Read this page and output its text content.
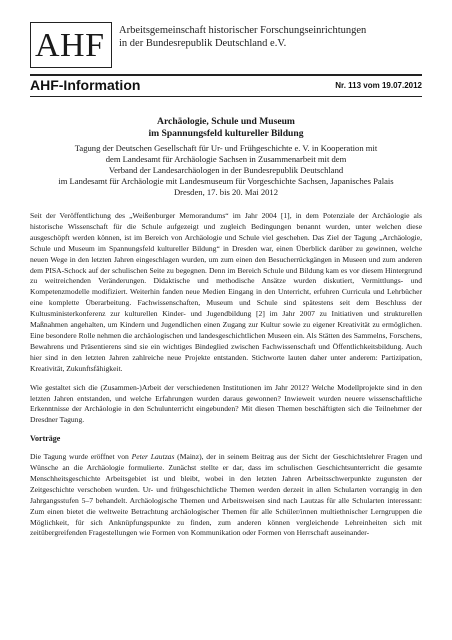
AHF Arbeitsgemeinschaft historischer Forschungseinrichtungen
in der Bundesrepublik Deutschland e.V.
AHF-Information	Nr. 113 vom 19.07.2012
Archäologie, Schule und Museum
im Spannungsfeld kultureller Bildung
Tagung der Deutschen Gesellschaft für Ur- und Frühgeschichte e. V. in Kooperation mit
dem Landesamt für Archäologie Sachsen in Zusammenarbeit mit dem
Verband der Landesarchäologen in der Bundesrepublik Deutschland
im Landesamt für Archäologie mit Landesmuseum für Vorgeschichte Sachsen, Japanisches Palais
Dresden, 17. bis 20. Mai 2012

Seit der Veröffentlichung des „Weißenburger Memorandums“ im Jahr 2004 [1], in dem Potenziale der Archäologie als historische Wissenschaft für die Schule aufgezeigt und zugleich Bedingungen benannt wurden, unter welchen diese ausgeschöpft werden können, ist im Bereich von Archäologie und Schule viel geschehen. Das Ziel der Tagung „Archäologie, Schule und Museum im Spannungsfeld kultureller Bildung“ in Dresden war, einen Überblick darüber zu gewinnen, welche neuen Wege in den letzten Jahren eingeschlagen wurden, um zum einen den Besucherrückgängen in Museen und zum anderen dem PISA-Schock auf der schulischen Seite zu begegnen. Denn im Bereich Schule und Bildung kam es vor diesem Hintergrund zu weitreichenden Veränderungen. Didaktische und methodische Ansätze wurden diskutiert, Vermittlungs- und Kompetenzmodelle modifiziert. Weiterhin fanden neue Medien Eingang in den Unterricht, erfuhren Curricula und Lehrbücher eine komplette Überarbeitung. Fachwissenschaften, Museum und Schule sind spätestens seit dem Beschluss der Kultusministerkonferenz zur kulturellen Kinder- und Jugendbildung [2] im Jahr 2007 zu Initiativen und strukturellen Maßnahmen angehalten, um Kindern und Jugendlichen einen Zugang zur Kultur sowie zu eigener Kreativität zu ermöglichen. Eine besondere Rolle nehmen die archäologischen und landesgeschichtlichen Museen ein. Als Stätten des Sammelns, Forschens, Bewahrens und Präsentierens sind sie ein wichtiges Bindeglied zwischen Fachwissenschaft und Öffentlichkeitsbildung. Auch hier sind in den letzten Jahren zahlreiche neue Projekte entstanden. Stichworte lauten daher unter anderem: Partizipation, Kreativität, Zukunftsfähigkeit.

Wie gestaltet sich die (Zusammen-)Arbeit der verschiedenen Institutionen im Jahr 2012? Welche Modellprojekte sind in den letzten Jahren entstanden, und welche Erfahrungen wurden daraus gewonnen? Inwieweit wurden neuere wissenschaftliche Erkenntnisse der Archäologie in den Schulunterricht eingebunden? Mit diesen Themen beschäftigten sich die Teilnehmer der Dresdner Tagung.

Vorträge

Die Tagung wurde eröffnet von Peter Lautzas (Mainz), der in seinem Beitrag aus der Sicht der Geschichtslehrer Fragen und Wünsche an die Archäologie formulierte. Zunächst stellte er dar, dass im schulischen Geschichtsunterricht die gesamte Menschheitsgeschichte Arbeitsgebiet ist und bleibt, wobei in den letzten Jahren Arbeitsschwerpunkte zugunsten der Zeitgeschichte verschoben wurden. Ur- und frühgeschichtliche Themen werden derzeit in allen Schularten vorrangig in den Jahrgangsstufen 5–7 behandelt. Archäologische Themen und Arbeitsweisen sind nach Lautzas für alle Schularten interessant: Zum einen bietet die weltweite Betrachtung archäologischer Themen für alle Schüler/innen multiethnischer Lerngruppen die Möglichkeit, für sich Anknüpfungspunkte zu finden, zum anderen können vergleichende Lehreinheiten sich mit zeitübergreifenden Fragestellungen wie Formen von Kommunikation oder Formen von Herrschaft auseinander-
